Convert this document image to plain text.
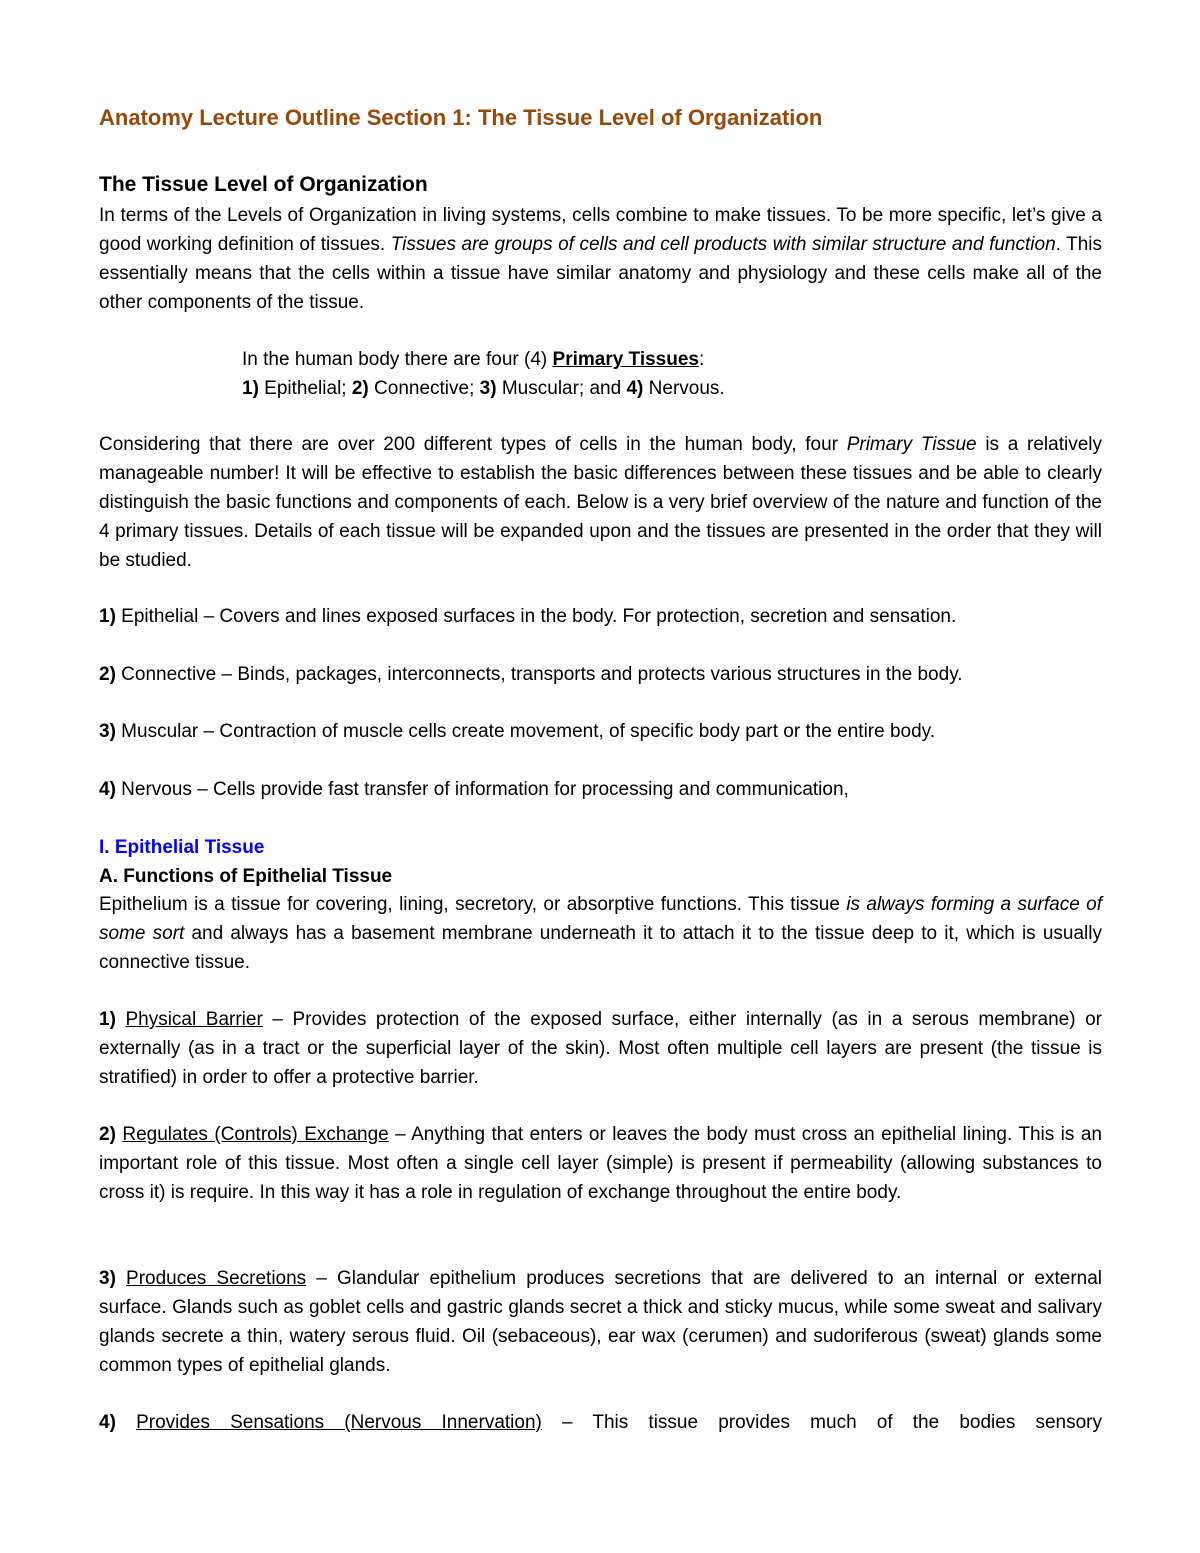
Anatomy Lecture Outline Section 1: The Tissue Level of Organization
The Tissue Level of Organization

In terms of the Levels of Organization in living systems, cells combine to make tissues. To be more specific, let’s give a good working definition of tissues. Tissues are groups of cells and cell products with similar structure and function. This essentially means that the cells within a tissue have similar anatomy and physiology and these cells make all of the other components of the tissue.

In the human body there are four (4) Primary Tissues:
1) Epithelial; 2) Connective; 3) Muscular; and 4) Nervous.

Considering that there are over 200 different types of cells in the human body, four Primary Tissue is a relatively manageable number! It will be effective to establish the basic differences between these tissues and be able to clearly distinguish the basic functions and components of each. Below is a very brief overview of the nature and function of the 4 primary tissues. Details of each tissue will be expanded upon and the tissues are presented in the order that they will be studied.

1) Epithelial – Covers and lines exposed surfaces in the body. For protection, secretion and sensation.

2) Connective – Binds, packages, interconnects, transports and protects various structures in the body.

3) Muscular – Contraction of muscle cells create movement, of specific body part or the entire body.

4) Nervous – Cells provide fast transfer of information for processing and communication,

I. Epithelial Tissue
A. Functions of Epithelial Tissue

Epithelium is a tissue for covering, lining, secretory, or absorptive functions. This tissue is always forming a surface of some sort and always has a basement membrane underneath it to attach it to the tissue deep to it, which is usually connective tissue.

1) Physical Barrier – Provides protection of the exposed surface, either internally (as in a serous membrane) or externally (as in a tract or the superficial layer of the skin). Most often multiple cell layers are present (the tissue is stratified) in order to offer a protective barrier.

2) Regulates (Controls) Exchange – Anything that enters or leaves the body must cross an epithelial lining. This is an important role of this tissue. Most often a single cell layer (simple) is present if permeability (allowing substances to cross it) is require. In this way it has a role in regulation of exchange throughout the entire body.

3) Produces Secretions – Glandular epithelium produces secretions that are delivered to an internal or external surface. Glands such as goblet cells and gastric glands secret a thick and sticky mucus, while some sweat and salivary glands secrete a thin, watery serous fluid. Oil (sebaceous), ear wax (cerumen) and sudoriferous (sweat) glands some common types of epithelial glands.

4) Provides Sensations (Nervous Innervation) – This tissue provides much of the bodies sensory
